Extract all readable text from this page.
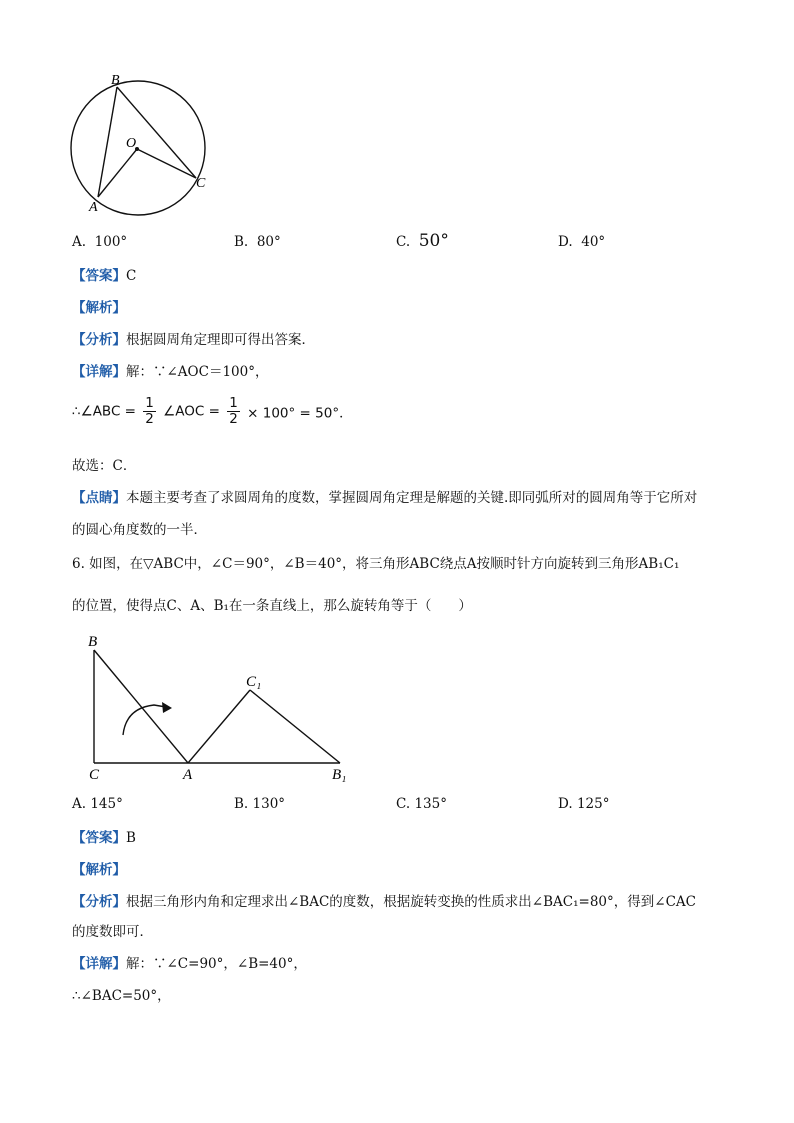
B
O
C
A
A. 100°	B. 80°	C. 50°	D. 40°
【答案】C
【解析】
【分析】根据圆周角定理即可得出答案．
【详解】解：∵∠AOC＝100°，
∴∠ABC = $\frac{1}{2}$ ∠AOC = $\frac{1}{2} \times 100^\circ = 50^\circ$．
故选：C．
【点睛】本题主要考查了求圆周角的度数，掌握圆周角定理是解题的关键.即同弧所对的圆周角等于它所对
的圆心角度数的一半．
6. 如图，在▽ABC中，∠C＝90°，∠B＝40°，将三角形ABC绕点A按顺时针方向旋转到三角形AB₁C₁
的位置，使得点C、A、B₁在一条直线上，那么旋转角等于（　　）
B
C₁
C	A	B₁
A. 145°	B. 130°	C. 135°	D. 125°
【答案】B
【解析】
【分析】根据三角形内角和定理求出∠BAC的度数，根据旋转变换的性质求出∠BAC₁=80°，得到∠CAC
的度数即可．
【详解】解：∵∠C=90°，∠B=40°，
∴∠BAC=50°，
